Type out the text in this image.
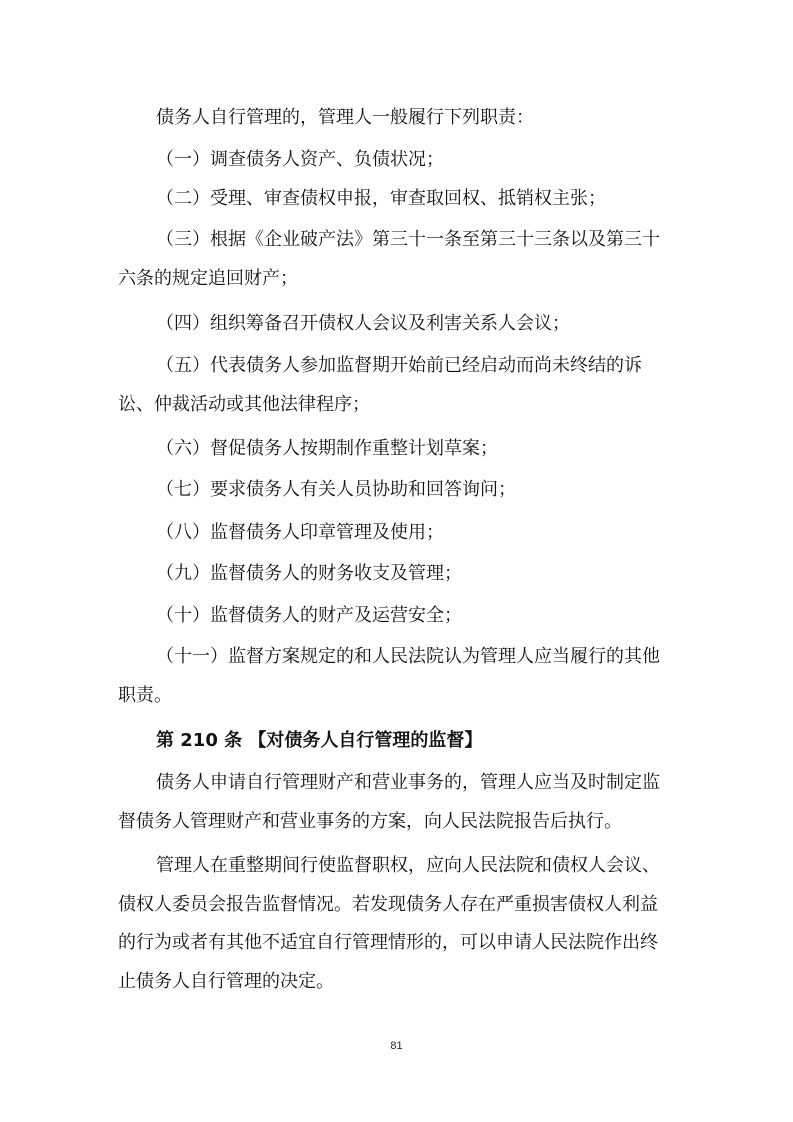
债务人自行管理的，管理人一般履行下列职责：

（一）调查债务人资产、负债状况；

（二）受理、审查债权申报，审查取回权、抵销权主张；

（三）根据《企业破产法》第三十一条至第三十三条以及第三十
六条的规定追回财产；

（四）组织筹备召开债权人会议及利害关系人会议；

（五）代表债务人参加监督期开始前已经启动而尚未终结的诉
讼、仲裁活动或其他法律程序；

（六）督促债务人按期制作重整计划草案；

（七）要求债务人有关人员协助和回答询问；

（八）监督债务人印章管理及使用；

（九）监督债务人的财务收支及管理；

（十）监督债务人的财产及运营安全；

（十一）监督方案规定的和人民法院认为管理人应当履行的其他
职责。

第 210 条 【对债务人自行管理的监督】

债务人申请自行管理财产和营业事务的，管理人应当及时制定监
督债务人管理财产和营业事务的方案，向人民法院报告后执行。

管理人在重整期间行使监督职权，应向人民法院和债权人会议、
债权人委员会报告监督情况。若发现债务人存在严重损害债权人利益
的行为或者有其他不适宜自行管理情形的，可以申请人民法院作出终
止债务人自行管理的决定。

81
